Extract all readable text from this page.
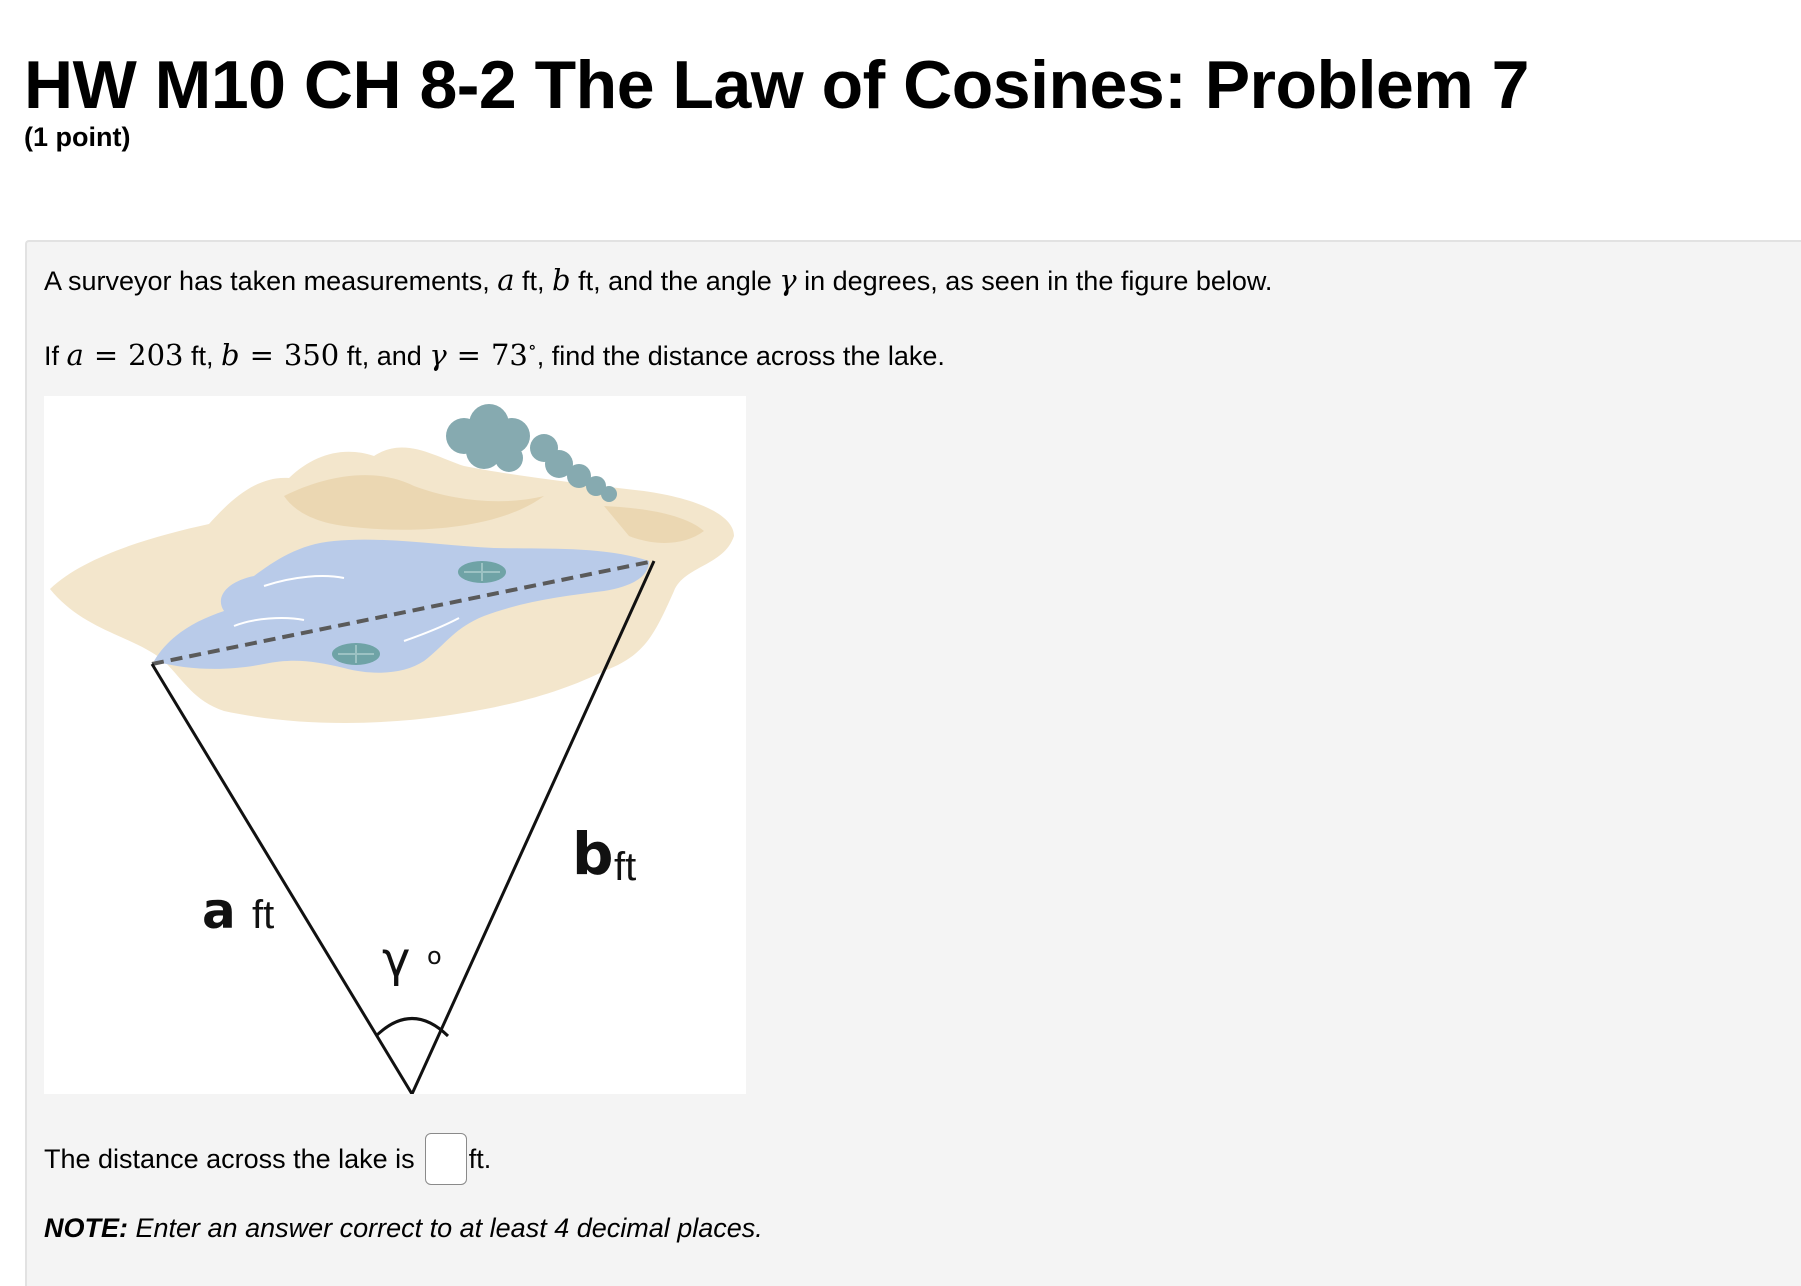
HW M10 CH 8-2 The Law of Cosines: Problem 7
(1 point)
A surveyor has taken measurements, a ft, b ft, and the angle γ in degrees, as seen in the figure below.
If a = 203 ft, b = 350 ft, and γ = 73∘, find the distance across the lake.
a ft
b ft
γ o
The distance across the lake is ft.
NOTE: Enter an answer correct to at least 4 decimal places.
